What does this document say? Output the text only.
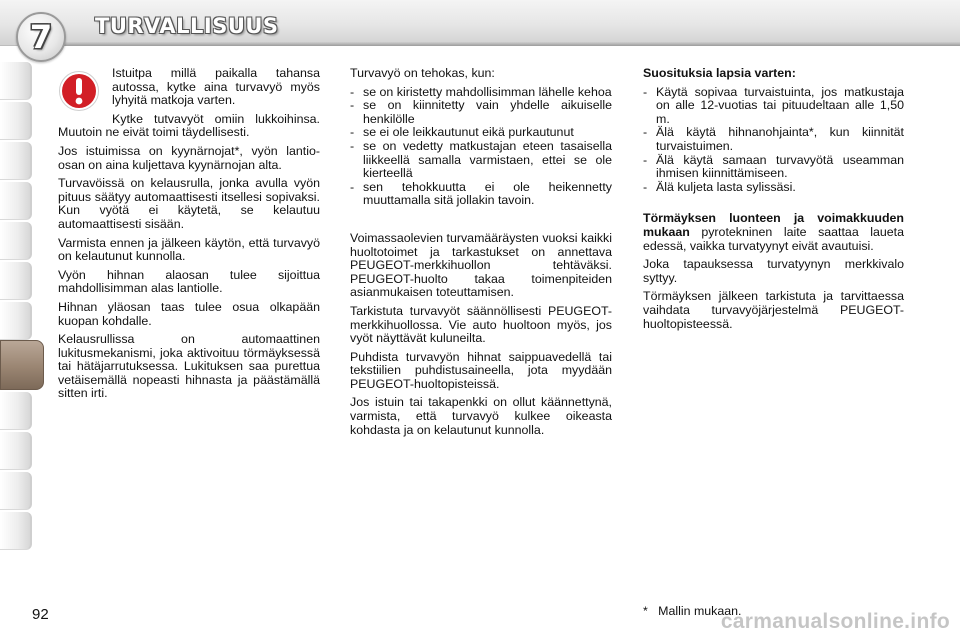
7 TURVALLISUUS

Istuitpa millä paikalla tahansa autossa, kytke aina turvavyö myös lyhyitä matkoja varten.

Kytke tutvavyöt omiin lukkoihinsa. Muutoin ne eivät toimi täydellisesti.

Jos istuimissa on kyynärnojat*, vyön lantio-osan on aina kuljettava kyynärnojan alta.

Turvavöissä on kelausrulla, jonka avulla vyön pituus säätyy automaattisesti itsellesi sopivaksi. Kun vyötä ei käytetä, se kelautuu automaattisesti sisään.

Varmista ennen ja jälkeen käytön, että turvavyö on kelautunut kunnolla.

Vyön hihnan alaosan tulee sijoittua mahdollisimman alas lantiolle.

Hihnan yläosan taas tulee osua olkapään kuopan kohdalle.

Kelausrullissa on automaattinen lukitusmekanismi, joka aktivoituu törmäyksessä tai hätäjarrutuksessa. Lukituksen saa purettua vetäisemällä nopeasti hihnasta ja päästämällä sitten irti.

Turvavyö on tehokas, kun:

- se on kiristetty mahdollisimman lähelle kehoa
- se on kiinnitetty vain yhdelle aikuiselle henkilölle
- se ei ole leikkautunut eikä purkautunut
- se on vedetty matkustajan eteen tasaisella liikkeellä samalla varmistaen, ettei se ole kierteellä
- sen tehokkuutta ei ole heikennetty muuttamalla sitä jollakin tavoin.

Voimassaolevien turvamääräysten vuoksi kaikki huoltotoimet ja tarkastukset on annettava PEUGEOT-merkkihuollon tehtäväksi. PEUGEOT-huolto takaa toimenpiteiden asianmukaisen toteuttamisen.

Tarkistuta turvavyöt säännöllisesti PEUGEOT-merkkihuollossa. Vie auto huoltoon myös, jos vyöt näyttävät kuluneilta.

Puhdista turvavyön hihnat saippuavedellä tai tekstiilien puhdistusaineella, jota myydään PEUGEOT-huoltopisteissä.

Jos istuin tai takapenkki on ollut käännettynä, varmista, että turvavyö kulkee oikeasta kohdasta ja on kelautunut kunnolla.

Suosituksia lapsia varten:

- Käytä sopivaa turvaistuinta, jos matkustaja on alle 12-vuotias tai pituudeltaan alle 1,50 m.
- Älä käytä hihnanohjainta*, kun kiinnität turvaistuimen.
- Älä käytä samaan turvavyötä useamman ihmisen kiinnittämiseen.
- Älä kuljeta lasta sylissäsi.

Törmäyksen luonteen ja voimakkuuden mukaan pyrotekninen laite saattaa laueta edessä, vaikka turvatyynyt eivät avautuisi.

Joka tapauksessa turvatyynyn merkkivalo syttyy.

Törmäyksen jälkeen tarkistuta ja tarvittaessa vaihdata turvavyöjärjestelmä PEUGEOT-huoltopisteessä.

92	*   Mallin mukaan.
carmanualsonline.info
